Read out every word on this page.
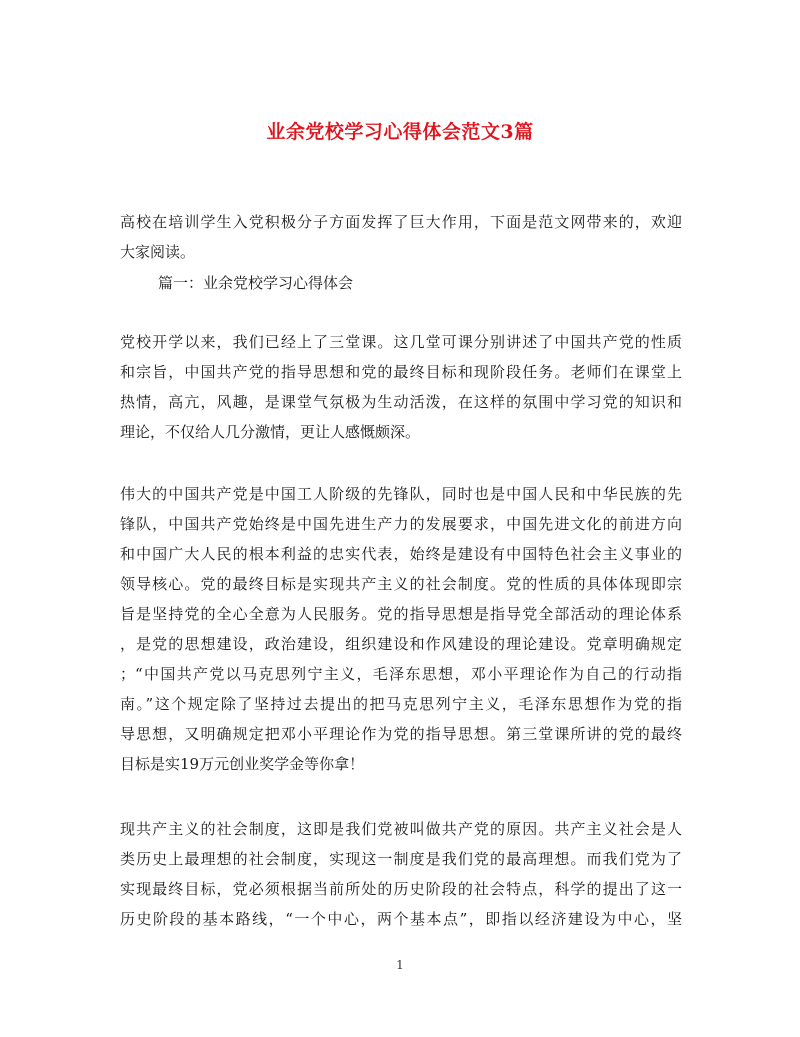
业余党校学习心得体会范文3篇
高校在培训学生入党积极分子方面发挥了巨大作用，下面是范文网带来的，欢迎
大家阅读。
篇一：业余党校学习心得体会
党校开学以来，我们已经上了三堂课。这几堂可课分别讲述了中国共产党的性质
和宗旨，中国共产党的指导思想和党的最终目标和现阶段任务。老师们在课堂上
热情，高亢，风趣，是课堂气氛极为生动活泼，在这样的氛围中学习党的知识和
理论，不仅给人几分激情，更让人感慨颇深。
伟大的中国共产党是中国工人阶级的先锋队，同时也是中国人民和中华民族的先
锋队，中国共产党始终是中国先进生产力的发展要求，中国先进文化的前进方向
和中国广大人民的根本利益的忠实代表，始终是建设有中国特色社会主义事业的
领导核心。党的最终目标是实现共产主义的社会制度。党的性质的具体体现即宗
旨是坚持党的全心全意为人民服务。党的指导思想是指导党全部活动的理论体系
，是党的思想建设，政治建设，组织建设和作风建设的理论建设。党章明确规定
；“中国共产党以马克思列宁主义，毛泽东思想，邓小平理论作为自己的行动指
南。”这个规定除了坚持过去提出的把马克思列宁主义，毛泽东思想作为党的指
导思想，又明确规定把邓小平理论作为党的指导思想。第三堂课所讲的党的最终
目标是实19万元创业奖学金等你拿！
现共产主义的社会制度，这即是我们党被叫做共产党的原因。共产主义社会是人
类历史上最理想的社会制度，实现这一制度是我们党的最高理想。而我们党为了
实现最终目标，党必须根据当前所处的历史阶段的社会特点，科学的提出了这一
历史阶段的基本路线，“一个中心，两个基本点”，即指以经济建设为中心，坚
1
